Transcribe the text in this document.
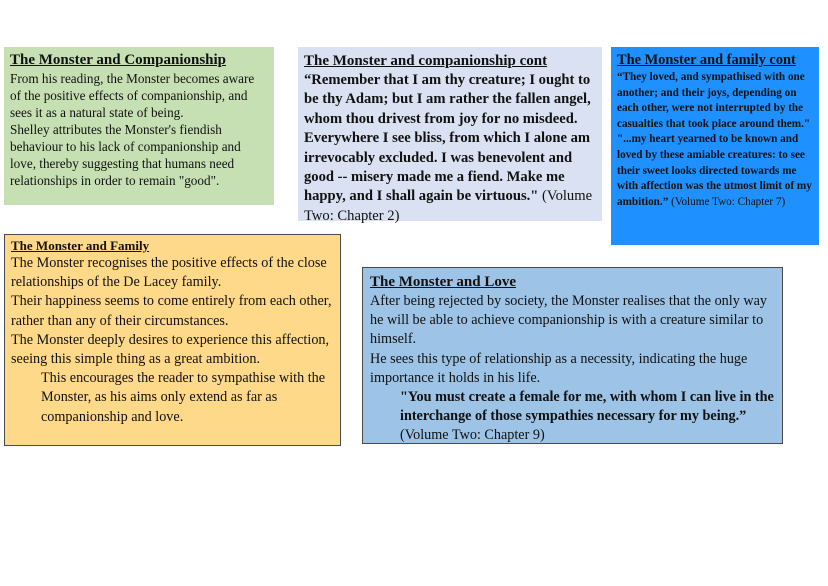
The Monster and Companionship

From his reading, the Monster becomes aware of the positive effects of companionship, and sees it as a natural state of being.

Shelley attributes the Monster's fiendish behaviour to his lack of companionship and love, thereby suggesting that humans need relationships in order to remain "good".

The Monster and companionship cont

“Remember that I am thy creature; I ought to be thy Adam; but I am rather the fallen angel, whom thou drivest from joy for no misdeed. Everywhere I see bliss, from which I alone am irrevocably excluded. I was benevolent and good -- misery made me a fiend. Make me happy, and I shall again be virtuous." (Volume Two: Chapter 2)

The Monster and family cont

“They loved, and sympathised with one another; and their joys, depending on each other, were not interrupted by the casualties that took place around them."

"...my heart yearned to be known and loved by these amiable creatures: to see their sweet looks directed towards me with affection was the utmost limit of my ambition.” (Volume Two: Chapter 7)

The Monster and Family

The Monster recognises the positive effects of the close relationships of the De Lacey family.

Their happiness seems to come entirely from each other, rather than any of their circumstances.

The Monster deeply desires to experience this affection, seeing this simple thing as a great ambition.

This encourages the reader to sympathise with the Monster, as his aims only extend as far as companionship and love.

The Monster and Love

After being rejected by society, the Monster realises that the only way he will be able to achieve companionship is with a creature similar to himself.

He sees this type of relationship as a necessity, indicating the huge importance it holds in his life.

"You must create a female for me, with whom I can live in the interchange of those sympathies necessary for my being.” (Volume Two: Chapter 9)
